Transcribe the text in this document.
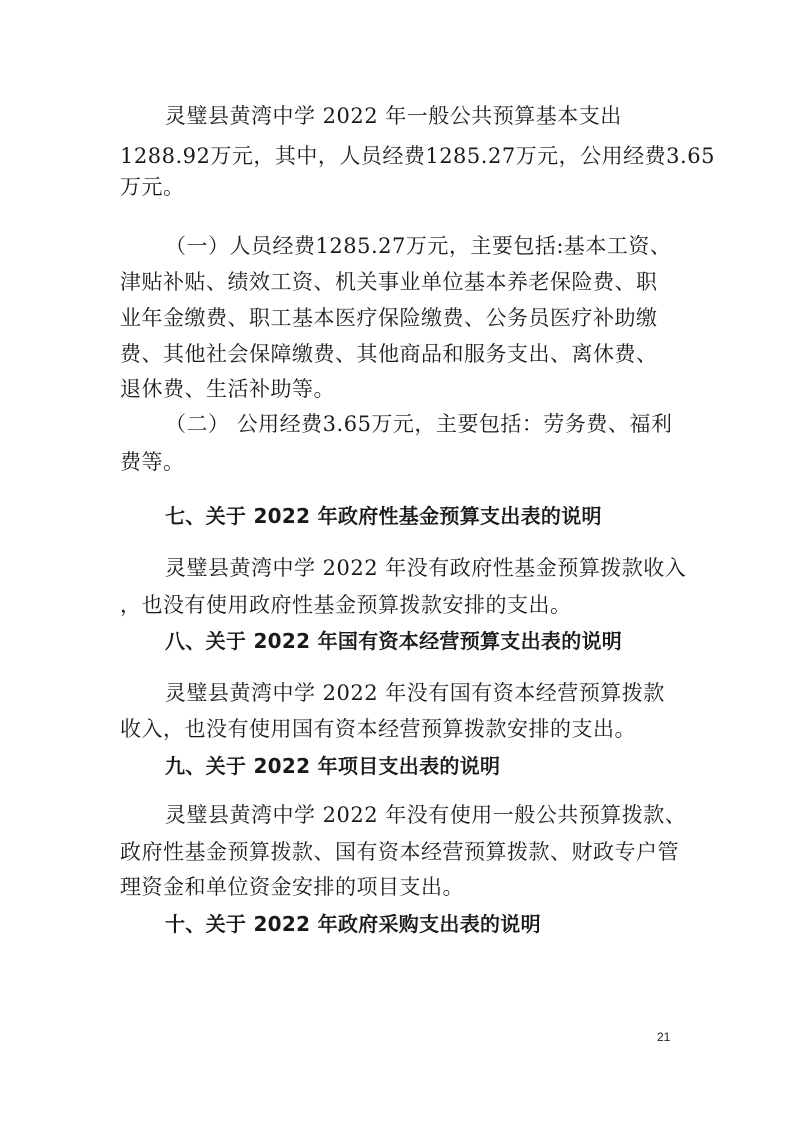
灵璧县黄湾中学 2022 年一般公共预算基本支出
1288.92万元，其中，人员经费1285.27万元，公用经费3.65
万元。
（一）人员经费1285.27万元，主要包括:基本工资、
津贴补贴、绩效工资、机关事业单位基本养老保险费、职
业年金缴费、职工基本医疗保险缴费、公务员医疗补助缴
费、其他社会保障缴费、其他商品和服务支出、离休费、
退休费、生活补助等。
（二） 公用经费3.65万元，主要包括：劳务费、福利
费等。
七、关于 2022 年政府性基金预算支出表的说明
灵璧县黄湾中学 2022 年没有政府性基金预算拨款收入
，也没有使用政府性基金预算拨款安排的支出。
八、关于 2022 年国有资本经营预算支出表的说明
灵璧县黄湾中学 2022 年没有国有资本经营预算拨款
收入，也没有使用国有资本经营预算拨款安排的支出。
九、关于 2022 年项目支出表的说明
灵璧县黄湾中学 2022 年没有使用一般公共预算拨款、
政府性基金预算拨款、国有资本经营预算拨款、财政专户管
理资金和单位资金安排的项目支出。
十、关于 2022 年政府采购支出表的说明
21
